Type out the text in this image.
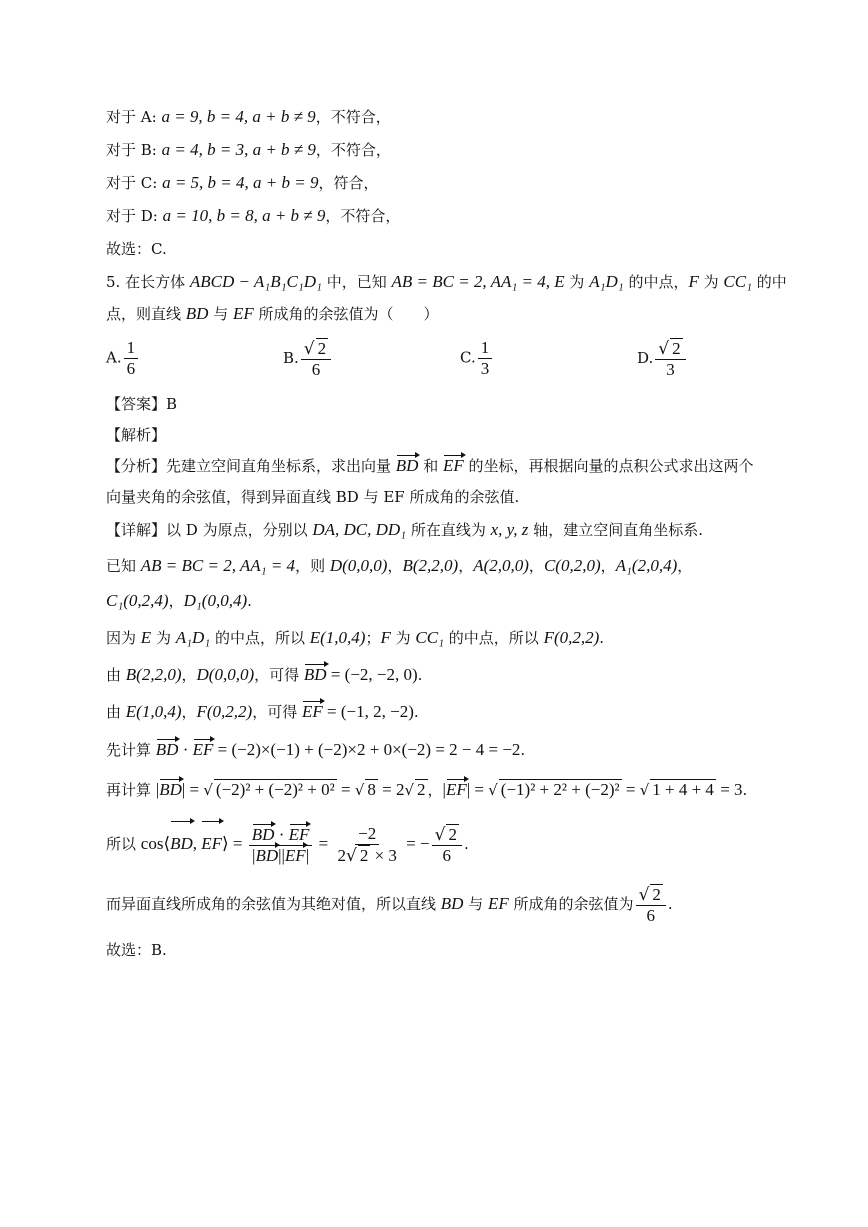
对于 A: a = 9, b = 4, a + b ≠ 9，不符合，
对于 B: a = 4, b = 3, a + b ≠ 9，不符合，
对于 C: a = 5, b = 4, a + b = 9，符合，
对于 D: a = 10, b = 8, a + b ≠ 9，不符合，
故选：C.
5. 在长方体 ABCD − A₁B₁C₁D₁ 中，已知 AB = BC = 2, AA₁ = 4, E 为 A₁D₁ 的中点，F 为 CC₁ 的中
点，则直线 BD 与 EF 所成角的余弦值为（　　）
A. $\frac{1}{6}$	B. $\frac{√ 2}{6}$	C. $\frac{1}{3}$	D. $\frac{√ 2}{3}$
【答案】B
【解析】
【分析】先建立空间直角坐标系，求出向量 BD 和 EF 的坐标，再根据向量的点积公式求出这两个
向量夹角的余弦值，得到异面直线 BD 与 EF 所成角的余弦值.
【详解】以 D 为原点，分别以 DA, DC, DD₁ 所在直线为 x, y, z 轴，建立空间直角坐标系.
已知 AB = BC = 2, AA₁ = 4，则 D(0,0,0)，B(2,2,0)，A(2,0,0)，C(0,2,0)，A₁(2,0,4)，
C₁(0,2,4)，D₁(0,0,4).
因为 E 为 A₁D₁ 的中点，所以 E(1,0,4)；F 为 CC₁ 的中点，所以 F(0,2,2).
由 B(2,2,0)，D(0,0,0)，可得 BD = (−2, −2, 0).
由 E(1,0,4)，F(0,2,2)，可得 EF = (−1, 2, −2).
先计算 BD · EF = (−2)×(−1) + (−2)×2 + 0×(−2) = 2 − 4 = −2.
再计算 |BD| = √ (−2)² + (−2)² + 0² = √ 8 = 2√ 2 ，|EF| = √ (−1)² + 2² + (−2)² = √ 1 + 4 + 4 = 3.
所以 cos⟨BD, EF⟩ = $\frac{BD \cdot EF}{|BD||EF|} = \frac{-2}{2√ 2 \times 3}$ = − $\frac{√ 2}{6}$ .
而异面直线所成角的余弦值为其绝对值，所以直线 BD 与 EF 所成角的余弦值为 $\frac{√ 2}{6}$ .
故选：B.
